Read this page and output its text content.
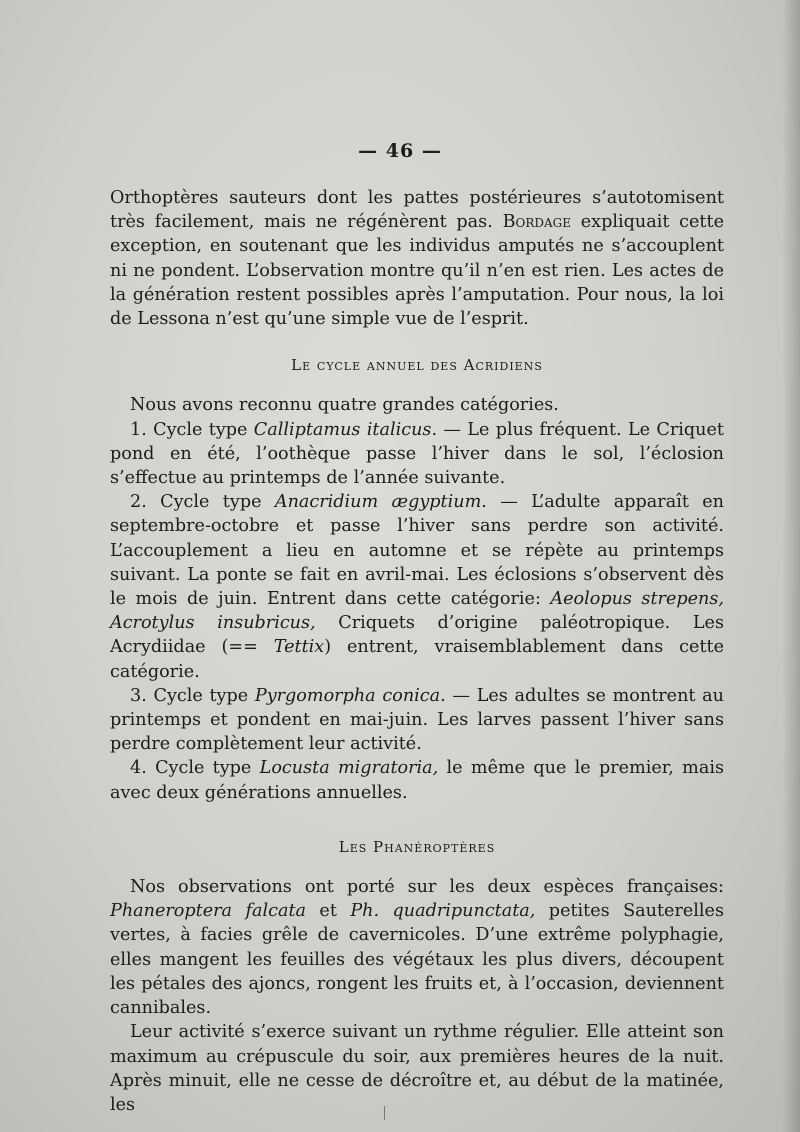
— 46 —

Orthoptères sauteurs dont les pattes postérieures s’autotomisent très facilement, mais ne régénèrent pas. Bordage expliquait cette exception, en soutenant que les individus amputés ne s’accouplent ni ne pondent. L’observation montre qu’il n’en est rien. Les actes de la génération restent possibles après l’amputation. Pour nous, la loi de Lessona n’est qu’une simple vue de l’esprit.

Le cycle annuel des Acridiens

Nous avons reconnu quatre grandes catégories.

1. Cycle type Calliptamus italicus. — Le plus fréquent. Le Criquet pond en été, l’oothèque passe l’hiver dans le sol, l’éclosion s’effectue au printemps de l’année suivante.

2. Cycle type Anacridium ægyptium. — L’adulte apparaît en septembre-octobre et passe l’hiver sans perdre son activité. L’accouplement a lieu en automne et se répète au printemps suivant. La ponte se fait en avril-mai. Les éclosions s’observent dès le mois de juin. Entrent dans cette catégorie: Aeolopus strepens, Acrotylus insubricus, Criquets d’origine paléotropique. Les Acrydiidae (== Tettix) entrent, vraisemblablement dans cette catégorie.

3. Cycle type Pyrgomorpha conica. — Les adultes se montrent au printemps et pondent en mai-juin. Les larves passent l’hiver sans perdre complètement leur activité.

4. Cycle type Locusta migratoria, le même que le premier, mais avec deux générations annuelles.

Les Phanéroptères

Nos observations ont porté sur les deux espèces françaises: Phaneroptera falcata et Ph. quadripunctata, petites Sauterelles vertes, à facies grêle de cavernicoles. D’une extrême polyphagie, elles mangent les feuilles des végétaux les plus divers, découpent les pétales des ajoncs, rongent les fruits et, à l’occasion, deviennent cannibales.

Leur activité s’exerce suivant un rythme régulier. Elle atteint son maximum au crépuscule du soir, aux premières heures de la nuit. Après minuit, elle ne cesse de décroître et, au début de la matinée, les
